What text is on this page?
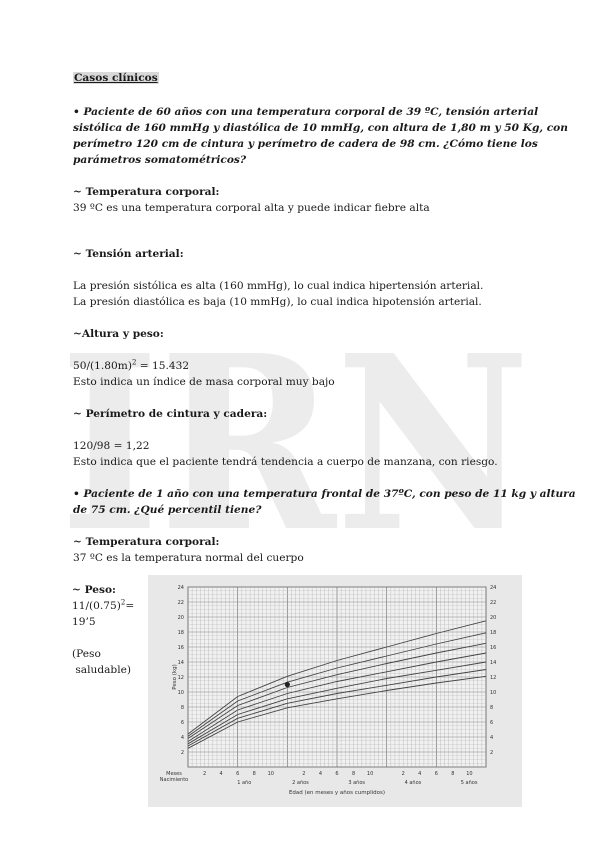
IRN
Casos clínicos
• Paciente de 60 años con una temperatura corporal de 39 ºC, tensión arterial
sistólica de 160 mmHg y diastólica de 10 mmHg, con altura de 1,80 m y 50 Kg, con
perímetro 120 cm de cintura y perímetro de cadera de 98 cm. ¿Cómo tiene los
parámetros somatométricos?
~ Temperatura corporal:
39 ºC es una temperatura corporal alta y puede indicar fiebre alta
~ Tensión arterial:
La presión sistólica es alta (160 mmHg), lo cual indica hipertensión arterial.
La presión diastólica es baja (10 mmHg), lo cual indica hipotensión arterial.
~Altura y peso:
$50/(1.80m)^2 = 15.432$
Esto indica un índice de masa corporal muy bajo
~ Perímetro de cintura y cadera:
120/98 = 1,22
Esto indica que el paciente tendrá tendencia a cuerpo de manzana, con riesgo.
• Paciente de 1 año con una temperatura frontal de 37ºC, con peso de 11 kg y altura
de 75 cm. ¿Qué percentil tiene?
~ Temperatura corporal:
37 ºC es la temperatura normal del cuerpo
~ Peso:
$11/(0.75)^2=$
19’5
(Peso
saludable)
2	2
4	4
6	6
8	8
10	10
12	12
14	14
16	16
18	18
20	20
22	22
24	24
Peso (kg)
2	4	6	8 10	2	4	6	8 10	2	4	6	8 10
1 año	2 años	3 años	4 años	5 años
Meses
Nacimiento
Edad (en meses y años cumplidos)
